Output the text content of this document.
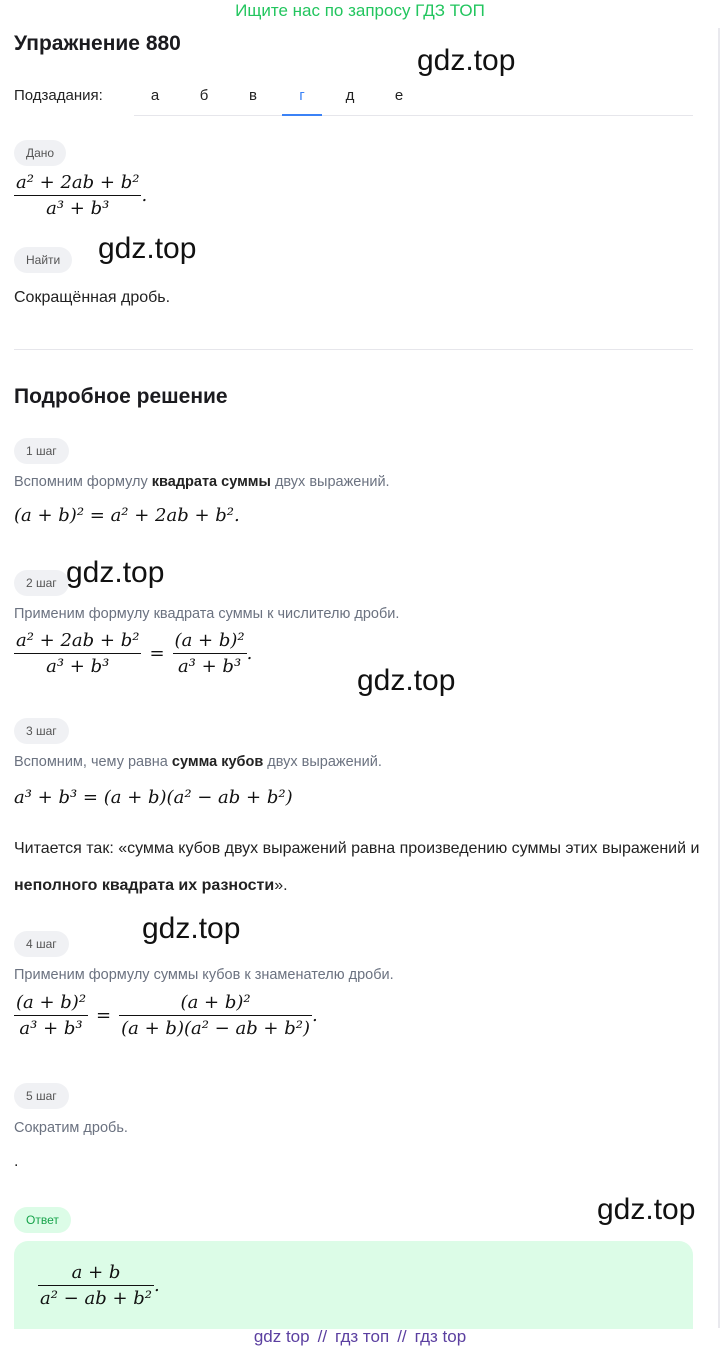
Ищите нас по запросу ГДЗ ТОП
Упражнение 880
gdz.top
Подзадания:	а	б	в	г	д	е
Дано
$\frac{\text{a² + 2ab + b²}}{\text{a³ + b³}}$ .
Найти	gdz.top
Сокращённая дробь.
Подробное решение
1 шаг
Вспомним формулу квадрата суммы двух выражений.
(a + b)² = a² + 2ab + b².
2 шаг gdz.top
Применим формулу квадрата суммы к числителю дроби.
$\frac{\text{a² + 2ab + b²}}{\text{a³ + b³}} = \frac{\text{(a + b)²}}{\text{a³ + b³}}$ .
gdz.top
3 шаг
Вспомним, чему равна сумма кубов двух выражений.
a³ + b³ = (a + b)(a² − ab + b²)
Читается так: «сумма кубов двух выражений равна произведению суммы этих выражений и неполного квадрата их разности».
gdz.top
4 шаг
Применим формулу суммы кубов к знаменателю дроби.
$\frac{\text{(a + b)²}}{\text{a³ + b³}} = \frac{\text{(a + b)²}}{\text{(a + b)(a² − ab + b²)}}$ .
5 шаг
Сократим дробь.
.
Ответ	gdz.top
$\frac{a + b}{\text{a² − ab + b²}}$ .
gdz top // гдз топ // гдз top
